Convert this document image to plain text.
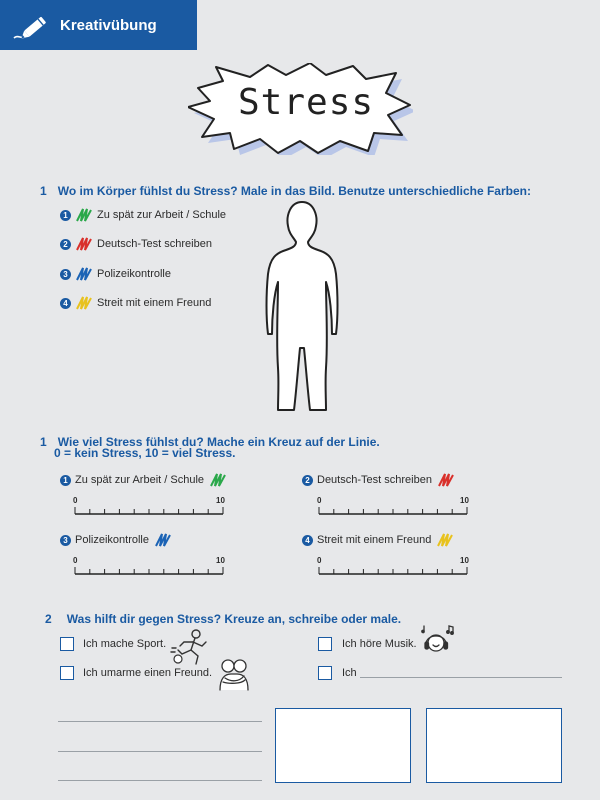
Kreativübung
Stress
1 Wo im Körper fühlst du Stress? Male in das Bild. Benutze unterschiedliche Farben:
1	Zu spät zur Arbeit / Schule
2	Deutsch-Test schreiben
3	Polizeikontrolle
4	Streit mit einem Freund
1 Wie viel Stress fühlst du? Mache ein Kreuz auf der Linie.
0 = kein Stress, 10 = viel Stress.
1 Zu spät zur Arbeit / Schule
0	10
2 Deutsch-Test schreiben
0	10
3 Polizeikontrolle
0	10
4 Streit mit einem Freund
0	10
2 Was hilft dir gegen Stress? Kreuze an, schreibe oder male.
Ich mache Sport.
Ich umarme einen Freund.
Ich höre Musik.
Ich
